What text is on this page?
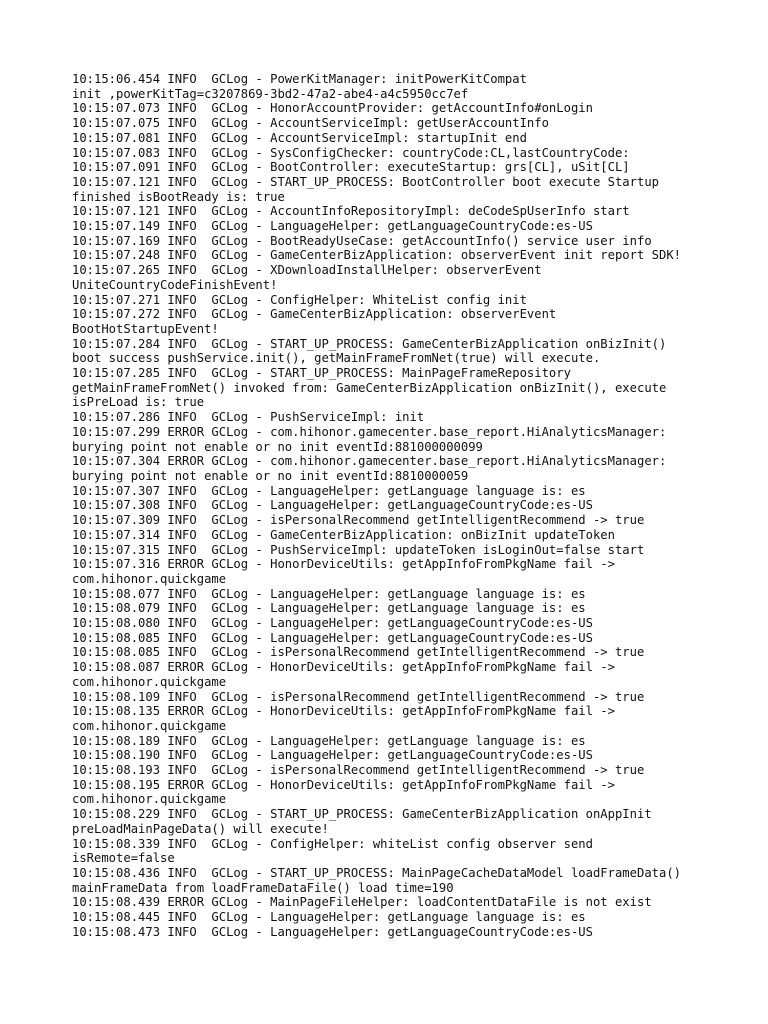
10:15:06.454 INFO  GCLog - PowerKitManager: initPowerKitCompat
init ,powerKitTag=c3207869-3bd2-47a2-abe4-a4c5950cc7ef
10:15:07.073 INFO  GCLog - HonorAccountProvider: getAccountInfo#onLogin
10:15:07.075 INFO  GCLog - AccountServiceImpl: getUserAccountInfo
10:15:07.081 INFO  GCLog - AccountServiceImpl: startupInit end
10:15:07.083 INFO  GCLog - SysConfigChecker: countryCode:CL,lastCountryCode:
10:15:07.091 INFO  GCLog - BootController: executeStartup: grs[CL], uSit[CL]
10:15:07.121 INFO  GCLog - START_UP_PROCESS: BootController boot execute Startup
finished isBootReady is: true
10:15:07.121 INFO  GCLog - AccountInfoRepositoryImpl: deCodeSpUserInfo start
10:15:07.149 INFO  GCLog - LanguageHelper: getLanguageCountryCode:es-US
10:15:07.169 INFO  GCLog - BootReadyUseCase: getAccountInfo() service user info
10:15:07.248 INFO  GCLog - GameCenterBizApplication: observerEvent init report SDK!
10:15:07.265 INFO  GCLog - XDownloadInstallHelper: observerEvent
UniteCountryCodeFinishEvent!
10:15:07.271 INFO  GCLog - ConfigHelper: WhiteList config init
10:15:07.272 INFO  GCLog - GameCenterBizApplication: observerEvent
BootHotStartupEvent!
10:15:07.284 INFO  GCLog - START_UP_PROCESS: GameCenterBizApplication onBizInit()
boot success pushService.init(), getMainFrameFromNet(true) will execute.
10:15:07.285 INFO  GCLog - START_UP_PROCESS: MainPageFrameRepository
getMainFrameFromNet() invoked from: GameCenterBizApplication onBizInit(), execute
isPreLoad is: true
10:15:07.286 INFO  GCLog - PushServiceImpl: init
10:15:07.299 ERROR GCLog - com.hihonor.gamecenter.base_report.HiAnalyticsManager:
burying point not enable or no init eventId:881000000099
10:15:07.304 ERROR GCLog - com.hihonor.gamecenter.base_report.HiAnalyticsManager:
burying point not enable or no init eventId:8810000059
10:15:07.307 INFO  GCLog - LanguageHelper: getLanguage language is: es
10:15:07.308 INFO  GCLog - LanguageHelper: getLanguageCountryCode:es-US
10:15:07.309 INFO  GCLog - isPersonalRecommend getIntelligentRecommend -> true
10:15:07.314 INFO  GCLog - GameCenterBizApplication: onBizInit updateToken
10:15:07.315 INFO  GCLog - PushServiceImpl: updateToken isLoginOut=false start
10:15:07.316 ERROR GCLog - HonorDeviceUtils: getAppInfoFromPkgName fail ->
com.hihonor.quickgame
10:15:08.077 INFO  GCLog - LanguageHelper: getLanguage language is: es
10:15:08.079 INFO  GCLog - LanguageHelper: getLanguage language is: es
10:15:08.080 INFO  GCLog - LanguageHelper: getLanguageCountryCode:es-US
10:15:08.085 INFO  GCLog - LanguageHelper: getLanguageCountryCode:es-US
10:15:08.085 INFO  GCLog - isPersonalRecommend getIntelligentRecommend -> true
10:15:08.087 ERROR GCLog - HonorDeviceUtils: getAppInfoFromPkgName fail ->
com.hihonor.quickgame
10:15:08.109 INFO  GCLog - isPersonalRecommend getIntelligentRecommend -> true
10:15:08.135 ERROR GCLog - HonorDeviceUtils: getAppInfoFromPkgName fail ->
com.hihonor.quickgame
10:15:08.189 INFO  GCLog - LanguageHelper: getLanguage language is: es
10:15:08.190 INFO  GCLog - LanguageHelper: getLanguageCountryCode:es-US
10:15:08.193 INFO  GCLog - isPersonalRecommend getIntelligentRecommend -> true
10:15:08.195 ERROR GCLog - HonorDeviceUtils: getAppInfoFromPkgName fail ->
com.hihonor.quickgame
10:15:08.229 INFO  GCLog - START_UP_PROCESS: GameCenterBizApplication onAppInit
preLoadMainPageData() will execute!
10:15:08.339 INFO  GCLog - ConfigHelper: whiteList config observer send
isRemote=false
10:15:08.436 INFO  GCLog - START_UP_PROCESS: MainPageCacheDataModel loadFrameData()
mainFrameData from loadFrameDataFile() load time=190
10:15:08.439 ERROR GCLog - MainPageFileHelper: loadContentDataFile is not exist
10:15:08.445 INFO  GCLog - LanguageHelper: getLanguage language is: es
10:15:08.473 INFO  GCLog - LanguageHelper: getLanguageCountryCode:es-US
